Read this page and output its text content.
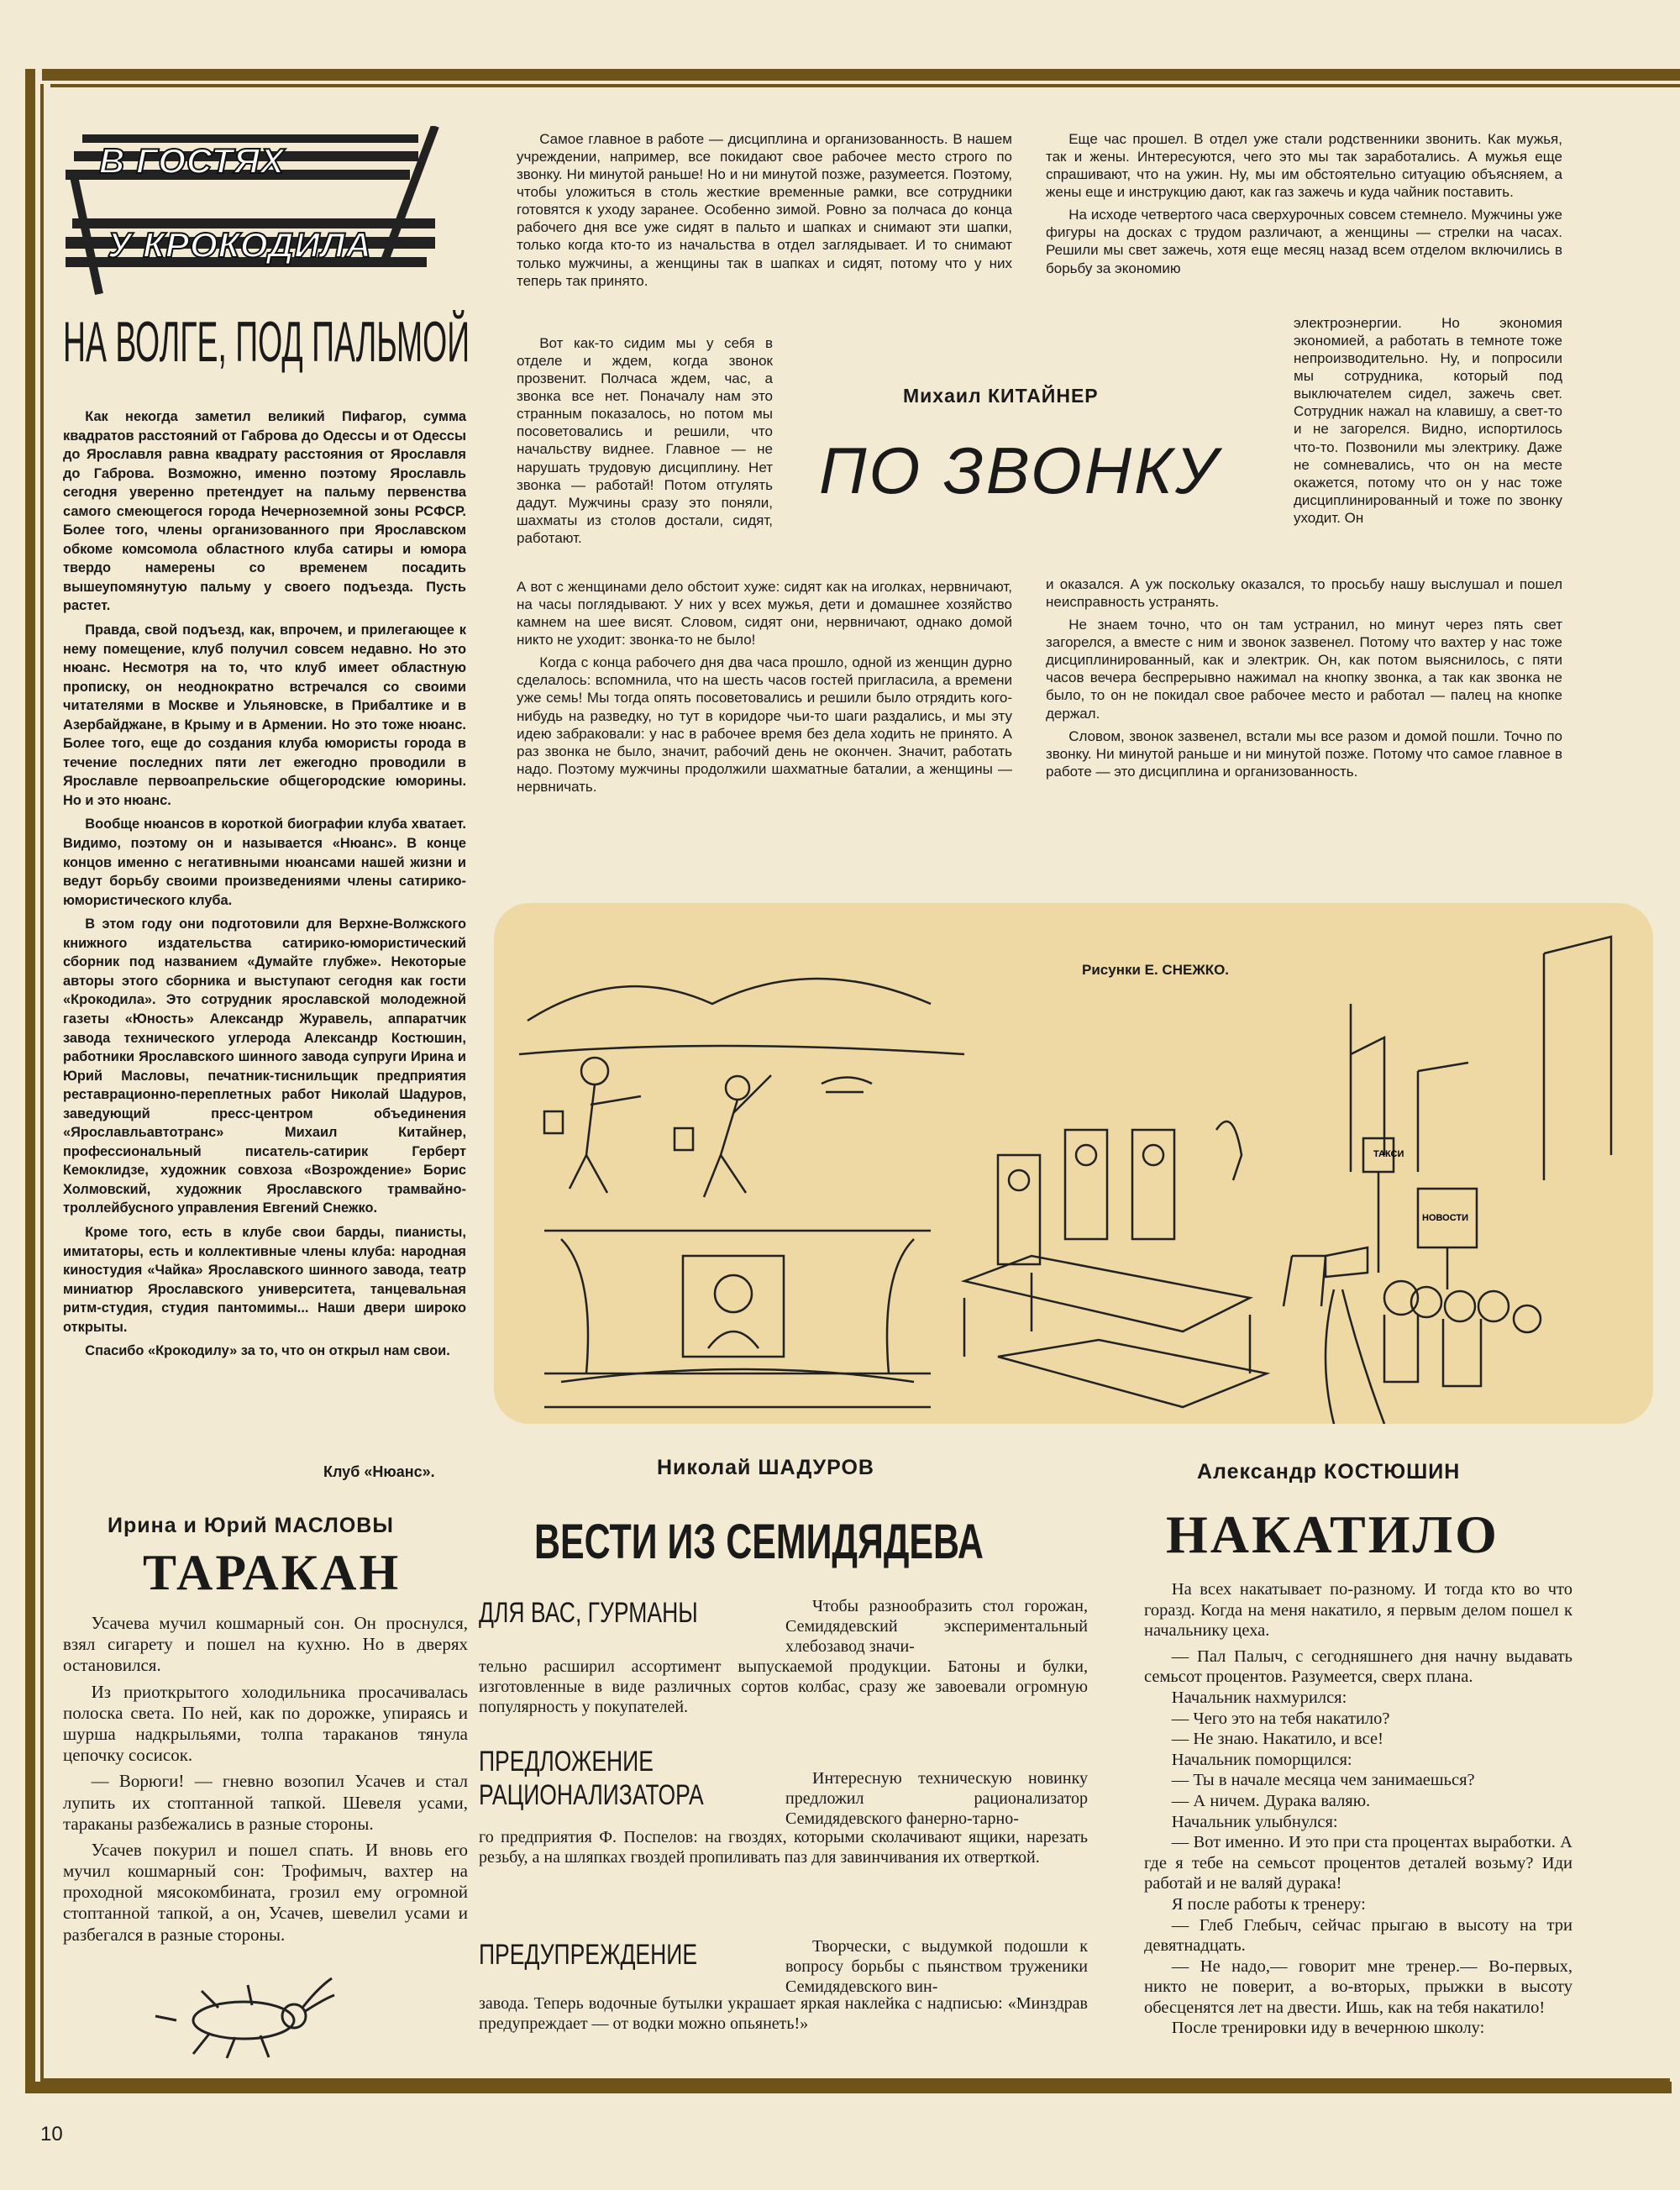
В ГОСТЯХ
У КРОКОДИЛА
НА ВОЛГЕ, ПОД ПАЛЬМОЙ

Как некогда заметил великий Пифагор, сумма квадратов расстояний от Габрова до Одессы и от Одессы до Ярославля равна квадрату расстояния от Ярославля до Габрова. Возможно, именно поэтому Ярославль сегодня уверенно претендует на пальму первенства самого смеющегося города Нечерноземной зоны РСФСР. Более того, члены организованного при Ярославском обкоме комсомола областного клуба сатиры и юмора твердо намерены со временем посадить вышеупомянутую пальму у своего подъезда. Пусть растет.

Правда, свой подъезд, как, впрочем, и прилегающее к нему помещение, клуб получил совсем недавно. Но это нюанс. Несмотря на то, что клуб имеет областную прописку, он неоднократно встречался со своими читателями в Москве и Ульяновске, в Прибалтике и в Азербайджане, в Крыму и в Армении. Но это тоже нюанс. Более того, еще до создания клуба юмористы города в течение последних пяти лет ежегодно проводили в Ярославле первоапрельские общегородские юморины. Но и это нюанс.

Вообще нюансов в короткой биографии клуба хватает. Видимо, поэтому он и называется «Нюанс». В конце концов именно с негативными нюансами нашей жизни и ведут борьбу своими произведениями члены сатирико-юмористического клуба.

В этом году они подготовили для Верхне-Волжского книжного издательства сатирико-юмористический сборник под названием «Думайте глубже». Некоторые авторы этого сборника и выступают сегодня как гости «Крокодила». Это сотрудник ярославской молодежной газеты «Юность» Александр Журавель, аппаратчик завода технического углерода Александр Костюшин, работники Ярославского шинного завода супруги Ирина и Юрий Масловы, печатник-тиснильщик предприятия реставрационно-переплетных работ Николай Шадуров, заведующий пресс-центром объединения «Ярославльавтотранс» Михаил Китайнер, профессиональный писатель-сатирик Герберт Кемоклидзе, художник совхоза «Возрождение» Борис Холмовский, художник Ярославского трамвайно-троллейбусного управления Евгений Снежко.

Кроме того, есть в клубе свои барды, пианисты, имитаторы, есть и коллективные члены клуба: народная киностудия «Чайка» Ярославского шинного завода, театр миниатюр Ярославского университета, танцевальная ритм-студия, студия пантомимы... Наши двери широко открыты.

Спасибо «Крокодилу» за то, что он открыл нам свои.

Клуб «Нюанс».

Самое главное в работе — дисциплина и организованность. В нашем учреждении, например, все покидают свое рабочее место строго по звонку. Ни минутой раньше! Но и ни минутой позже, разумеется. Поэтому, чтобы уложиться в столь жесткие временные рамки, все сотрудники готовятся к уходу заранее. Особенно зимой. Ровно за полчаса до конца рабочего дня все уже сидят в пальто и шапках и снимают эти шапки, только когда кто-то из начальства в отдел заглядывает. И то снимают только мужчины, а женщины так в шапках и сидят, потому что у них теперь так принято.

Вот как-то сидим мы у себя в отделе и ждем, когда звонок прозвенит. Полчаса ждем, час, а звонка все нет. Поначалу нам это странным показалось, но потом мы посоветовались и решили, что начальству виднее. Главное — не нарушать трудовую дисциплину. Нет звонка — работай! Потом отгулять дадут. Мужчины сразу это поняли, шахматы из столов достали, сидят, работают.

Михаил КИТАЙНЕР
ПО ЗВОНКУ

А вот с женщинами дело обстоит хуже: сидят как на иголках, нервничают, на часы поглядывают. У них у всех мужья, дети и домашнее хозяйство камнем на шее висят. Словом, сидят они, нервничают, однако домой никто не уходит: звонка-то не было!

Когда с конца рабочего дня два часа прошло, одной из женщин дурно сделалось: вспомнила, что на шесть часов гостей пригласила, а времени уже семь! Мы тогда опять посоветовались и решили было отрядить кого-нибудь на разведку, но тут в коридоре чьи-то шаги раздались, и мы эту идею забраковали: у нас в рабочее время без дела ходить не принято. А раз звонка не было, значит, рабочий день не окончен. Значит, работать надо. Поэтому мужчины продолжили шахматные баталии, а женщины — нервничать.

Еще час прошел. В отдел уже стали родственники звонить. Как мужья, так и жены. Интересуются, чего это мы так заработались. А мужья еще спрашивают, что на ужин. Ну, мы им обстоятельно ситуацию объясняем, а жены еще и инструкцию дают, как газ зажечь и куда чайник поставить.

На исходе четвертого часа сверхурочных совсем стемнело. Мужчины уже фигуры на досках с трудом различают, а женщины — стрелки на часах. Решили мы свет зажечь, хотя еще месяц назад всем отделом включились в борьбу за экономию

электроэнергии. Но экономия экономией, а работать в темноте тоже непроизводительно. Ну, и попросили мы сотрудника, который под выключателем сидел, зажечь свет. Сотрудник нажал на клавишу, а свет-то и не загорелся. Видно, испортилось что-то. Позвонили мы электрику. Даже не сомневались, что он на месте окажется, потому что он у нас тоже дисциплинированный и тоже по звонку уходит. Он

и оказался. А уж поскольку оказался, то просьбу нашу выслушал и пошел неисправность устранять.

Не знаем точно, что он там устранил, но минут через пять свет загорелся, а вместе с ним и звонок зазвенел. Потому что вахтер у нас тоже дисциплинированный, как и электрик. Он, как потом выяснилось, с пяти часов вечера беспрерывно нажимал на кнопку звонка, а так как звонка не было, то он не покидал свое рабочее место и работал — палец на кнопке держал.

Словом, звонок зазвенел, встали мы все разом и домой пошли. Точно по звонку. Ни минутой раньше и ни минутой позже. Потому что самое главное в работе — это дисциплина и организованность.

Рисунки Е. СНЕЖКО.
ТАКСИ
НОВОСТИ
Николай ШАДУРОВ	Александр КОСТЮШИН
Ирина и Юрий МАСЛОВЫ
ТАРАКАН

Усачева мучил кошмарный сон. Он проснулся, взял сигарету и пошел на кухню. Но в дверях остановился.

Из приоткрытого холодильника просачивалась полоска света. По ней, как по дорожке, упираясь и шурша надкрыльями, толпа тараканов тянула цепочку сосисок.

— Ворюги! — гневно возопил Усачев и стал лупить их стоптанной тапкой. Шевеля усами, тараканы разбежались в разные стороны.

Усачев покурил и пошел спать. И вновь его мучил кошмарный сон: Трофимыч, вахтер на проходной мясокомбината, грозил ему огромной стоптанной тапкой, а он, Усачев, шевелил усами и разбегался в разные стороны.

ВЕСТИ ИЗ СЕМИДЯДЕВА
ДЛЯ ВАС, ГУРМАНЫ	Чтобы разнообразить стол горожан, Семидядевский экспериментальный хлебозавод значи-

тельно расширил ассортимент выпускаемой продукции. Батоны и булки, изготовленные в виде различных сортов колбас, сразу же завоевали огромную популярность у покупателей.

ПРЕДЛОЖЕНИЕ
РАЦИОНАЛИЗАТОРА

Интересную техническую новинку предложил рационализатор Семидядевского фанерно-тарно-

го предприятия Ф. Поспелов: на гвоздях, которыми сколачивают ящики, нарезать резьбу, а на шляпках гвоздей пропиливать паз для завинчивания их отверткой.

ПРЕДУПРЕЖДЕНИЕ	Творчески, с выдумкой подошли к вопросу борьбы с пьянством труженики Семидядевского вин-

завода. Теперь водочные бутылки украшает яркая наклейка с надписью: «Минздрав предупреждает — от водки можно опьянеть!»

НАКАТИЛО

На всех накатывает по-разному. И тогда кто во что горазд. Когда на меня накатило, я первым делом пошел к начальнику цеха.

— Пал Палыч, с сегодняшнего дня начну выдавать семьсот процентов. Разумеется, сверх плана.

Начальник нахмурился:

— Чего это на тебя накатило?

— Не знаю. Накатило, и все!

Начальник поморщился:

— Ты в начале месяца чем занимаешься?

— А ничем. Дурака валяю.

Начальник улыбнулся:

— Вот именно. И это при ста процентах выработки. А где я тебе на семьсот процентов деталей возьму? Иди работай и не валяй дурака!

Я после работы к тренеру:

— Глеб Глебыч, сейчас прыгаю в высоту на три девятнадцать.

— Не надо,— говорит мне тренер.— Во-первых, никто не поверит, а во-вторых, прыжки в высоту обесценятся лет на двести. Ишь, как на тебя накатило!

После тренировки иду в вечернюю школу:

10
